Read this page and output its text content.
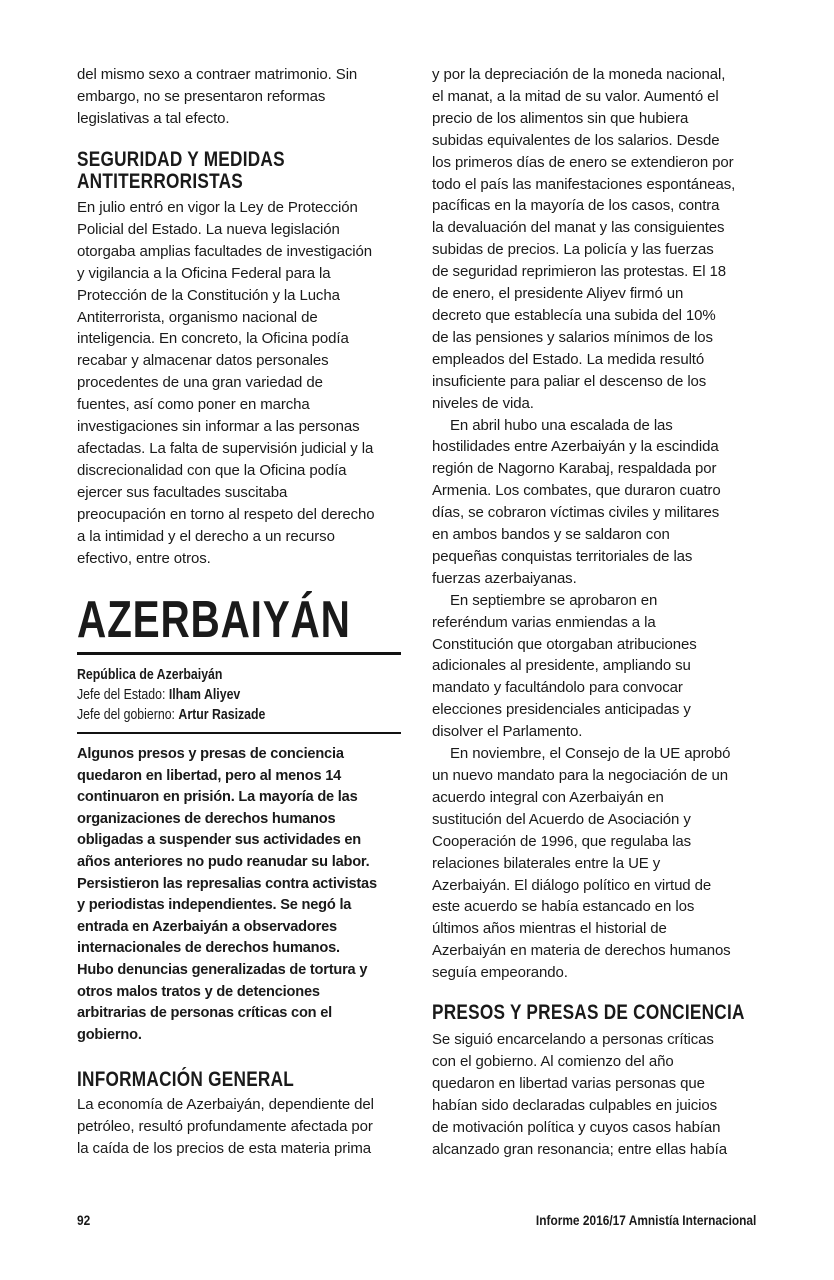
del mismo sexo a contraer matrimonio. Sin
embargo, no se presentaron reformas
legislativas a tal efecto.
SEGURIDAD Y MEDIDAS
ANTITERRORISTAS
En julio entró en vigor la Ley de Protección
Policial del Estado. La nueva legislación
otorgaba amplias facultades de investigación
y vigilancia a la Oficina Federal para la
Protección de la Constitución y la Lucha
Antiterrorista, organismo nacional de
inteligencia. En concreto, la Oficina podía
recabar y almacenar datos personales
procedentes de una gran variedad de
fuentes, así como poner en marcha
investigaciones sin informar a las personas
afectadas. La falta de supervisión judicial y la
discrecionalidad con que la Oficina podía
ejercer sus facultades suscitaba
preocupación en torno al respeto del derecho
a la intimidad y el derecho a un recurso
efectivo, entre otros.
AZERBAIYÁN
República de Azerbaiyán
Jefe del Estado: Ilham Aliyev
Jefe del gobierno: Artur Rasizade
Algunos presos y presas de conciencia
quedaron en libertad, pero al menos 14
continuaron en prisión. La mayoría de las
organizaciones de derechos humanos
obligadas a suspender sus actividades en
años anteriores no pudo reanudar su labor.
Persistieron las represalias contra activistas
y periodistas independientes. Se negó la
entrada en Azerbaiyán a observadores
internacionales de derechos humanos.
Hubo denuncias generalizadas de tortura y
otros malos tratos y de detenciones
arbitrarias de personas críticas con el
gobierno.
INFORMACIÓN GENERAL
La economía de Azerbaiyán, dependiente del
petróleo, resultó profundamente afectada por
la caída de los precios de esta materia prima
y por la depreciación de la moneda nacional,
el manat, a la mitad de su valor. Aumentó el
precio de los alimentos sin que hubiera
subidas equivalentes de los salarios. Desde
los primeros días de enero se extendieron por
todo el país las manifestaciones espontáneas,
pacíficas en la mayoría de los casos, contra
la devaluación del manat y las consiguientes
subidas de precios. La policía y las fuerzas
de seguridad reprimieron las protestas. El 18
de enero, el presidente Aliyev firmó un
decreto que establecía una subida del 10%
de las pensiones y salarios mínimos de los
empleados del Estado. La medida resultó
insuficiente para paliar el descenso de los
niveles de vida.
En abril hubo una escalada de las
hostilidades entre Azerbaiyán y la escindida
región de Nagorno Karabaj, respaldada por
Armenia. Los combates, que duraron cuatro
días, se cobraron víctimas civiles y militares
en ambos bandos y se saldaron con
pequeñas conquistas territoriales de las
fuerzas azerbaiyanas.
En septiembre se aprobaron en
referéndum varias enmiendas a la
Constitución que otorgaban atribuciones
adicionales al presidente, ampliando su
mandato y facultándolo para convocar
elecciones presidenciales anticipadas y
disolver el Parlamento.
En noviembre, el Consejo de la UE aprobó
un nuevo mandato para la negociación de un
acuerdo integral con Azerbaiyán en
sustitución del Acuerdo de Asociación y
Cooperación de 1996, que regulaba las
relaciones bilaterales entre la UE y
Azerbaiyán. El diálogo político en virtud de
este acuerdo se había estancado en los
últimos años mientras el historial de
Azerbaiyán en materia de derechos humanos
seguía empeorando.
PRESOS Y PRESAS DE CONCIENCIA
Se siguió encarcelando a personas críticas
con el gobierno. Al comienzo del año
quedaron en libertad varias personas que
habían sido declaradas culpables en juicios
de motivación política y cuyos casos habían
alcanzado gran resonancia; entre ellas había
92	Informe 2016/17 Amnistía Internacional
